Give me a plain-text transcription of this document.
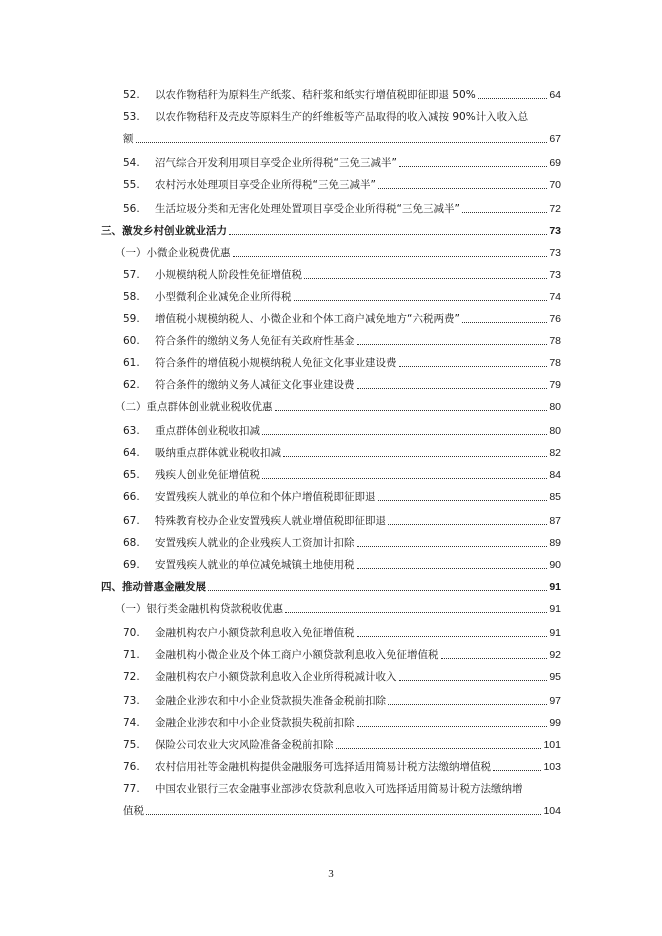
52.	以农作物秸秆为原料生产纸浆、秸秆浆和纸实行增值税即征即退 50%	64
53.	以农作物秸秆及壳皮等原料生产的纤维板等产品取得的收入减按 90%计入收入总
额	67
54.	沼气综合开发利用项目享受企业所得税“三免三减半”	69
55.	农村污水处理项目享受企业所得税“三免三减半”	70
56.	生活垃圾分类和无害化处理处置项目享受企业所得税“三免三减半”	72
三、激发乡村创业就业活力	73
（一）小微企业税费优惠	73
57.	小规模纳税人阶段性免征增值税	73
58.	小型微利企业减免企业所得税	74
59.	增值税小规模纳税人、小微企业和个体工商户减免地方“六税两费”	76
60.	符合条件的缴纳义务人免征有关政府性基金	78
61.	符合条件的增值税小规模纳税人免征文化事业建设费	78
62.	符合条件的缴纳义务人减征文化事业建设费	79
（二）重点群体创业就业税收优惠	80
63.	重点群体创业税收扣减	80
64.	吸纳重点群体就业税收扣减	82
65.	残疾人创业免征增值税	84
66.	安置残疾人就业的单位和个体户增值税即征即退	85
67.	特殊教育校办企业安置残疾人就业增值税即征即退	87
68.	安置残疾人就业的企业残疾人工资加计扣除	89
69.	安置残疾人就业的单位减免城镇土地使用税	90
四、推动普惠金融发展	91
（一）银行类金融机构贷款税收优惠	91
70.	金融机构农户小额贷款利息收入免征增值税	91
71.	金融机构小微企业及个体工商户小额贷款利息收入免征增值税	92
72.	金融机构农户小额贷款利息收入企业所得税减计收入	95
73.	金融企业涉农和中小企业贷款损失准备金税前扣除	97
74.	金融企业涉农和中小企业贷款损失税前扣除	99
75.	保险公司农业大灾风险准备金税前扣除	101
76.	农村信用社等金融机构提供金融服务可选择适用简易计税方法缴纳增值税	103
77.	中国农业银行三农金融事业部涉农贷款利息收入可选择适用简易计税方法缴纳增
值税	104
3
